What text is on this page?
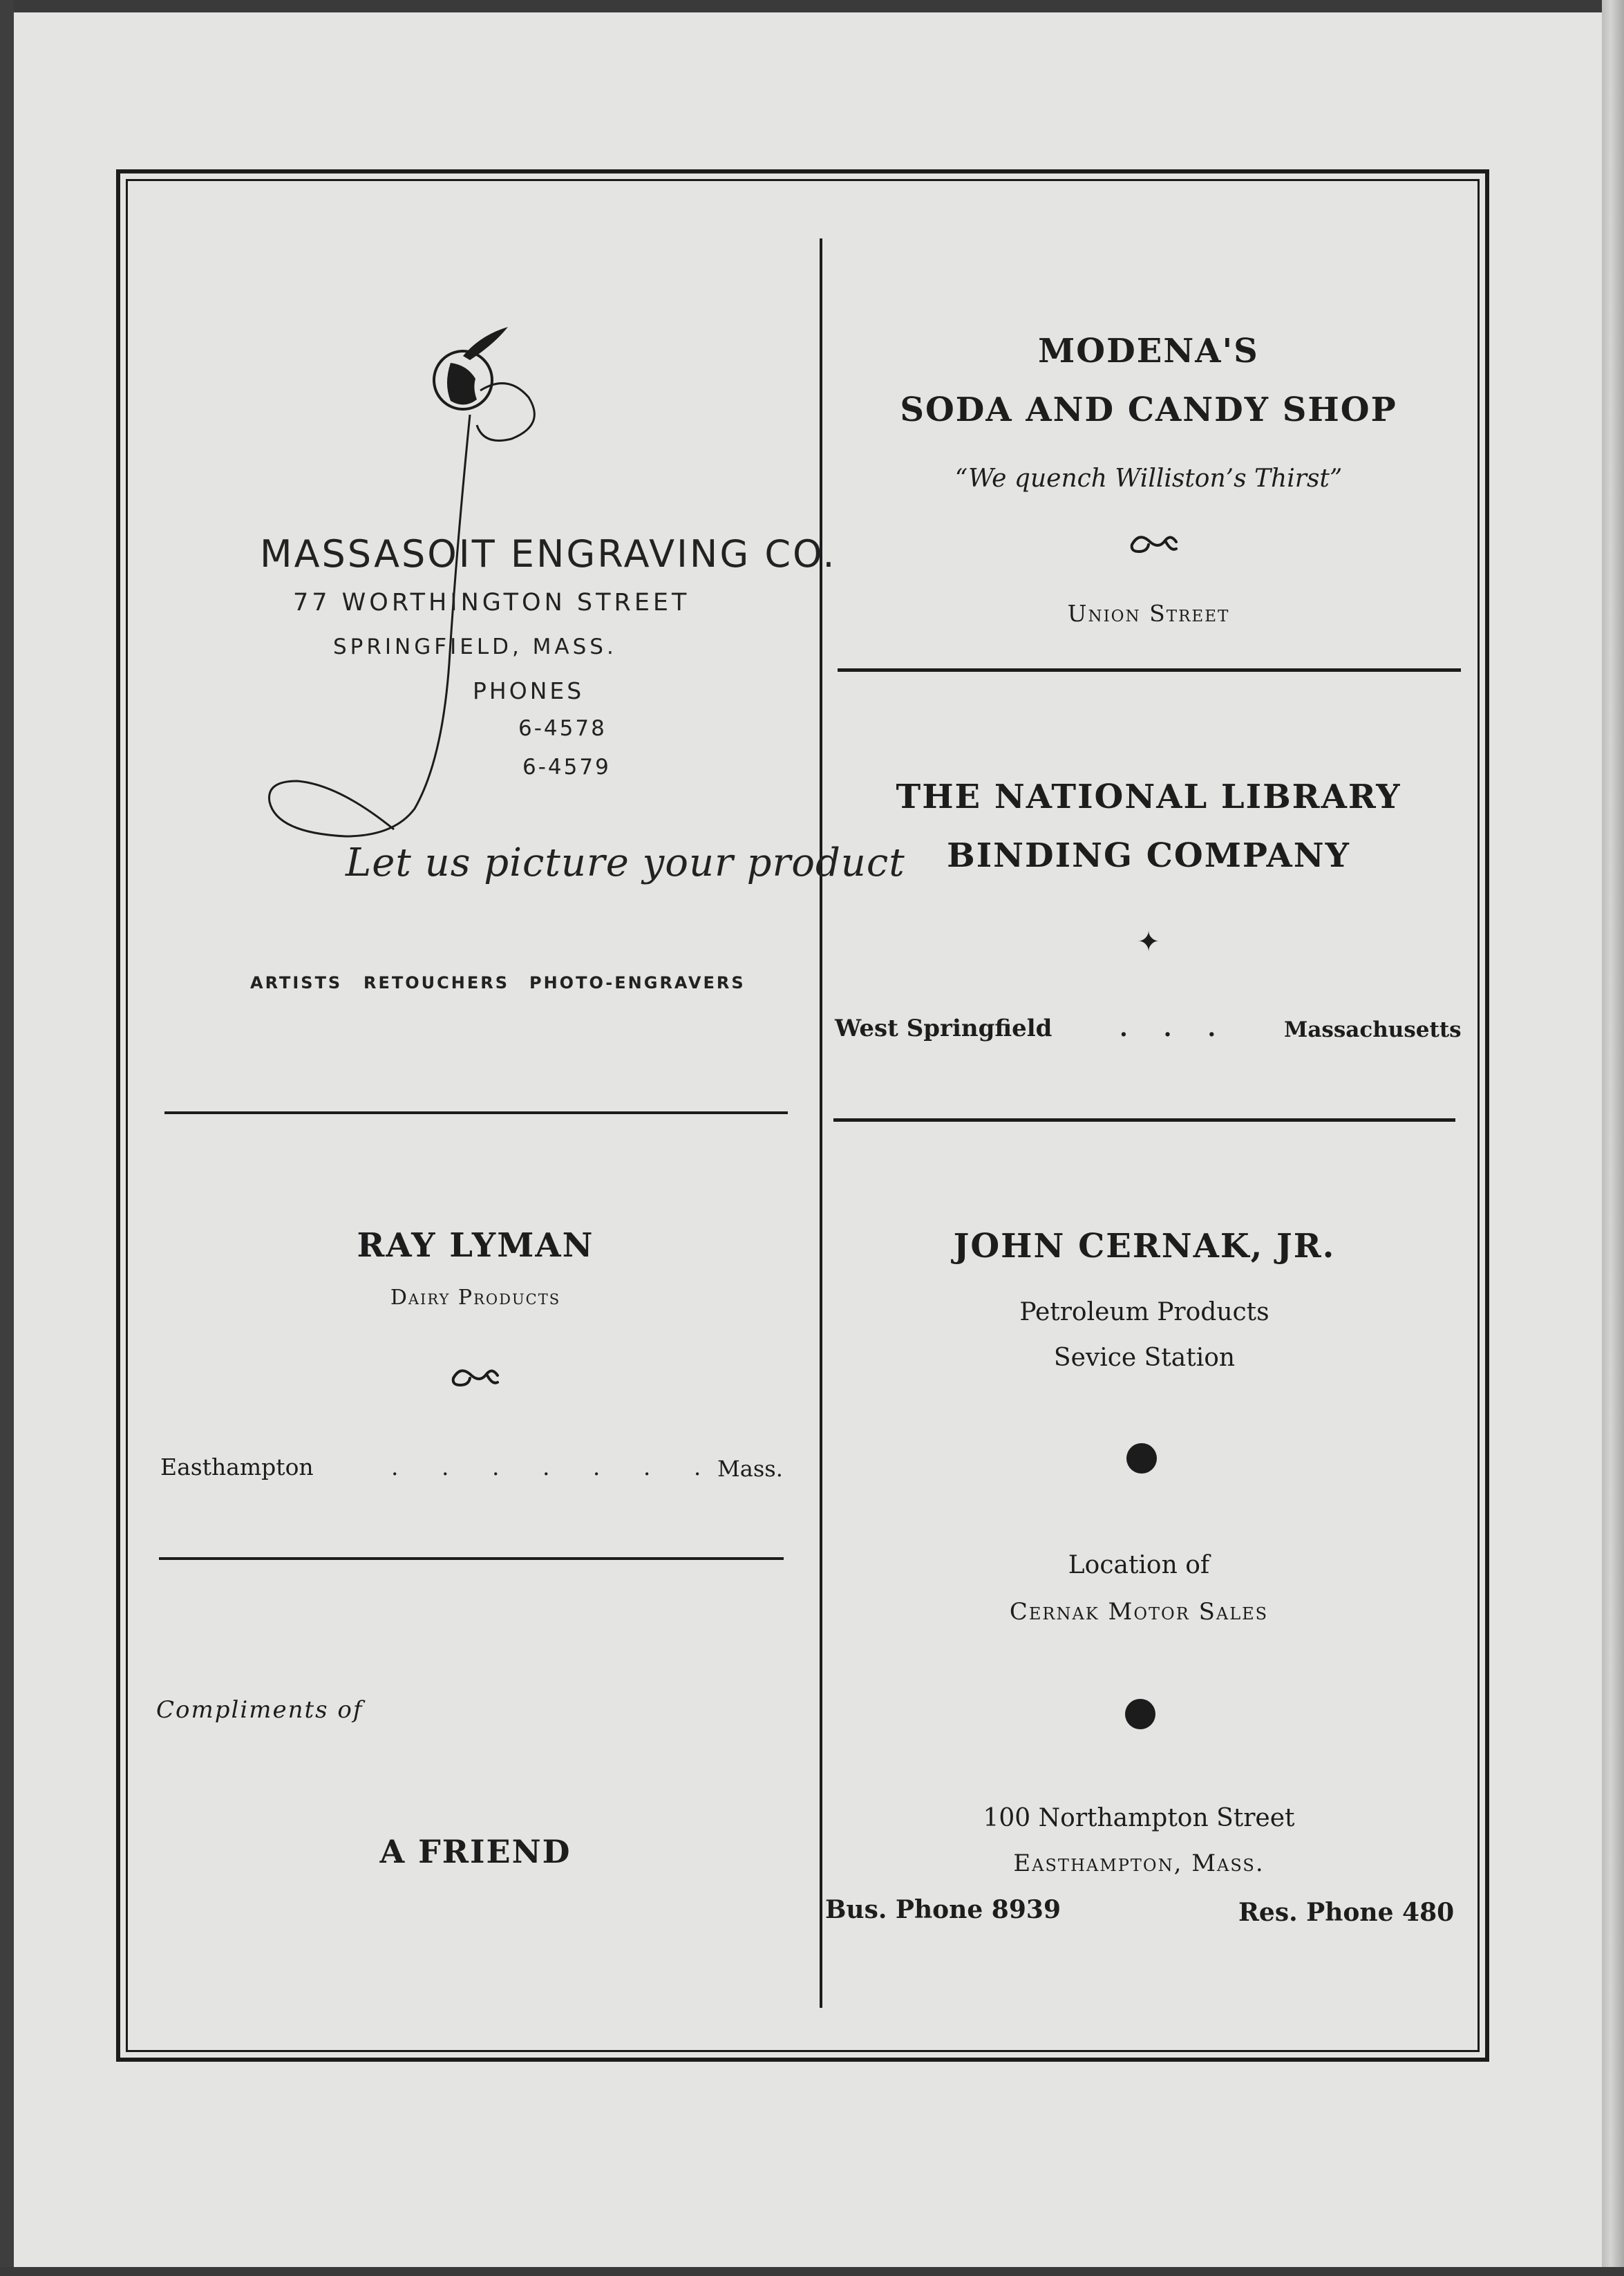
MASSASOIT ENGRAVING CO.
77 WORTHINGTON STREET
SPRINGFIELD, MASS.
PHONES
6-4578
6-4579
Let us picture your product
ARTISTS RETOUCHERS PHOTO-ENGRAVERS
MODENA'S
SODA AND CANDY SHOP
“We quench Williston’s Thirst”
Union Street
THE NATIONAL LIBRARY
BINDING COMPANY
✦
West Springfield	. . .	Massachusetts
RAY LYMAN
Dairy Products
Easthampton	. . . . . . .
Mass.
Compliments of
A FRIEND
JOHN CERNAK, JR.
Petroleum Products
Sevice Station
Location of
Cernak Motor Sales
100 Northampton Street
Easthampton, Mass.
Bus. Phone 8939	Res. Phone 480
